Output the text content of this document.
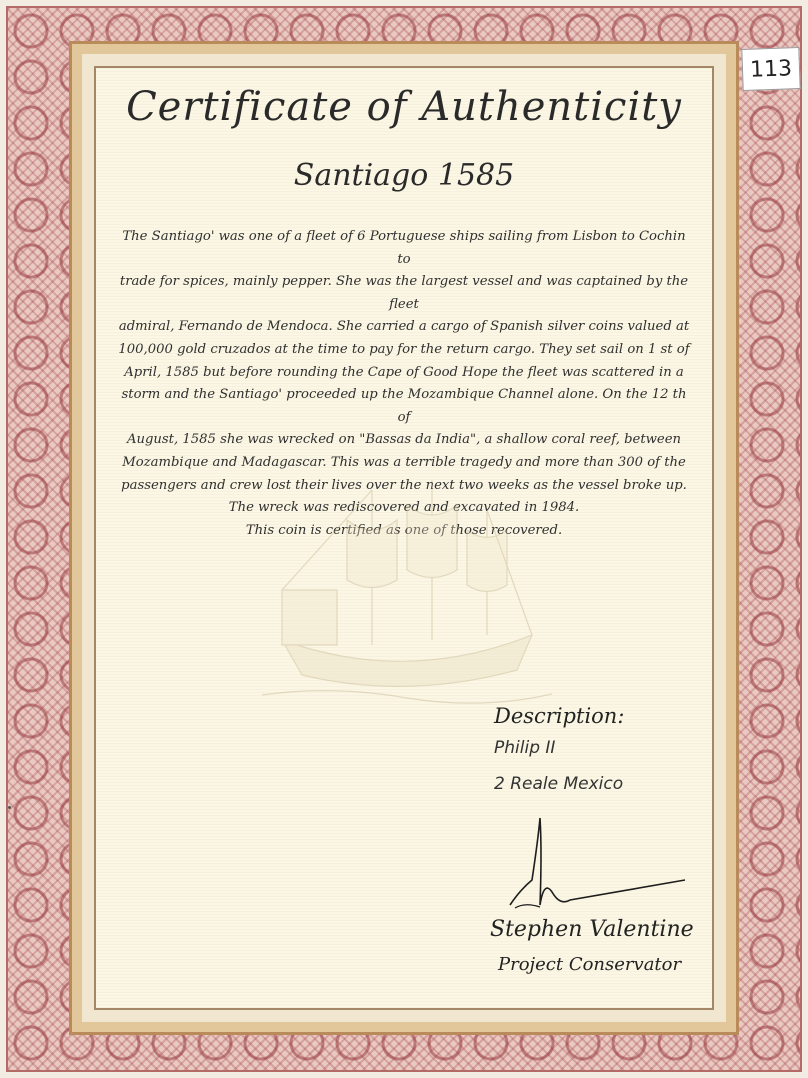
113
Certificate of Authenticity
Santiago 1585
The Santiago' was one of a fleet of 6 Portuguese ships sailing from Lisbon to Cochin to
trade for spices, mainly pepper. She was the largest vessel and was captained by the fleet
admiral, Fernando de Mendoca. She carried a cargo of Spanish silver coins valued at
100,000 gold cruzados at the time to pay for the return cargo. They set sail on 1 st of
April, 1585 but before rounding the Cape of Good Hope the fleet was scattered in a
storm and the Santiago' proceeded up the Mozambique Channel alone. On the 12 th of
August, 1585 she was wrecked on "Bassas da India", a shallow coral reef, between
Mozambique and Madagascar. This was a terrible tragedy and more than 300 of the
passengers and crew lost their lives over the next two weeks as the vessel broke up.
The wreck was rediscovered and excavated in 1984.
This coin is certified as one of those recovered.
Description:
Philip II
2 Reale Mexico
Stephen Valentine
Project Conservator
